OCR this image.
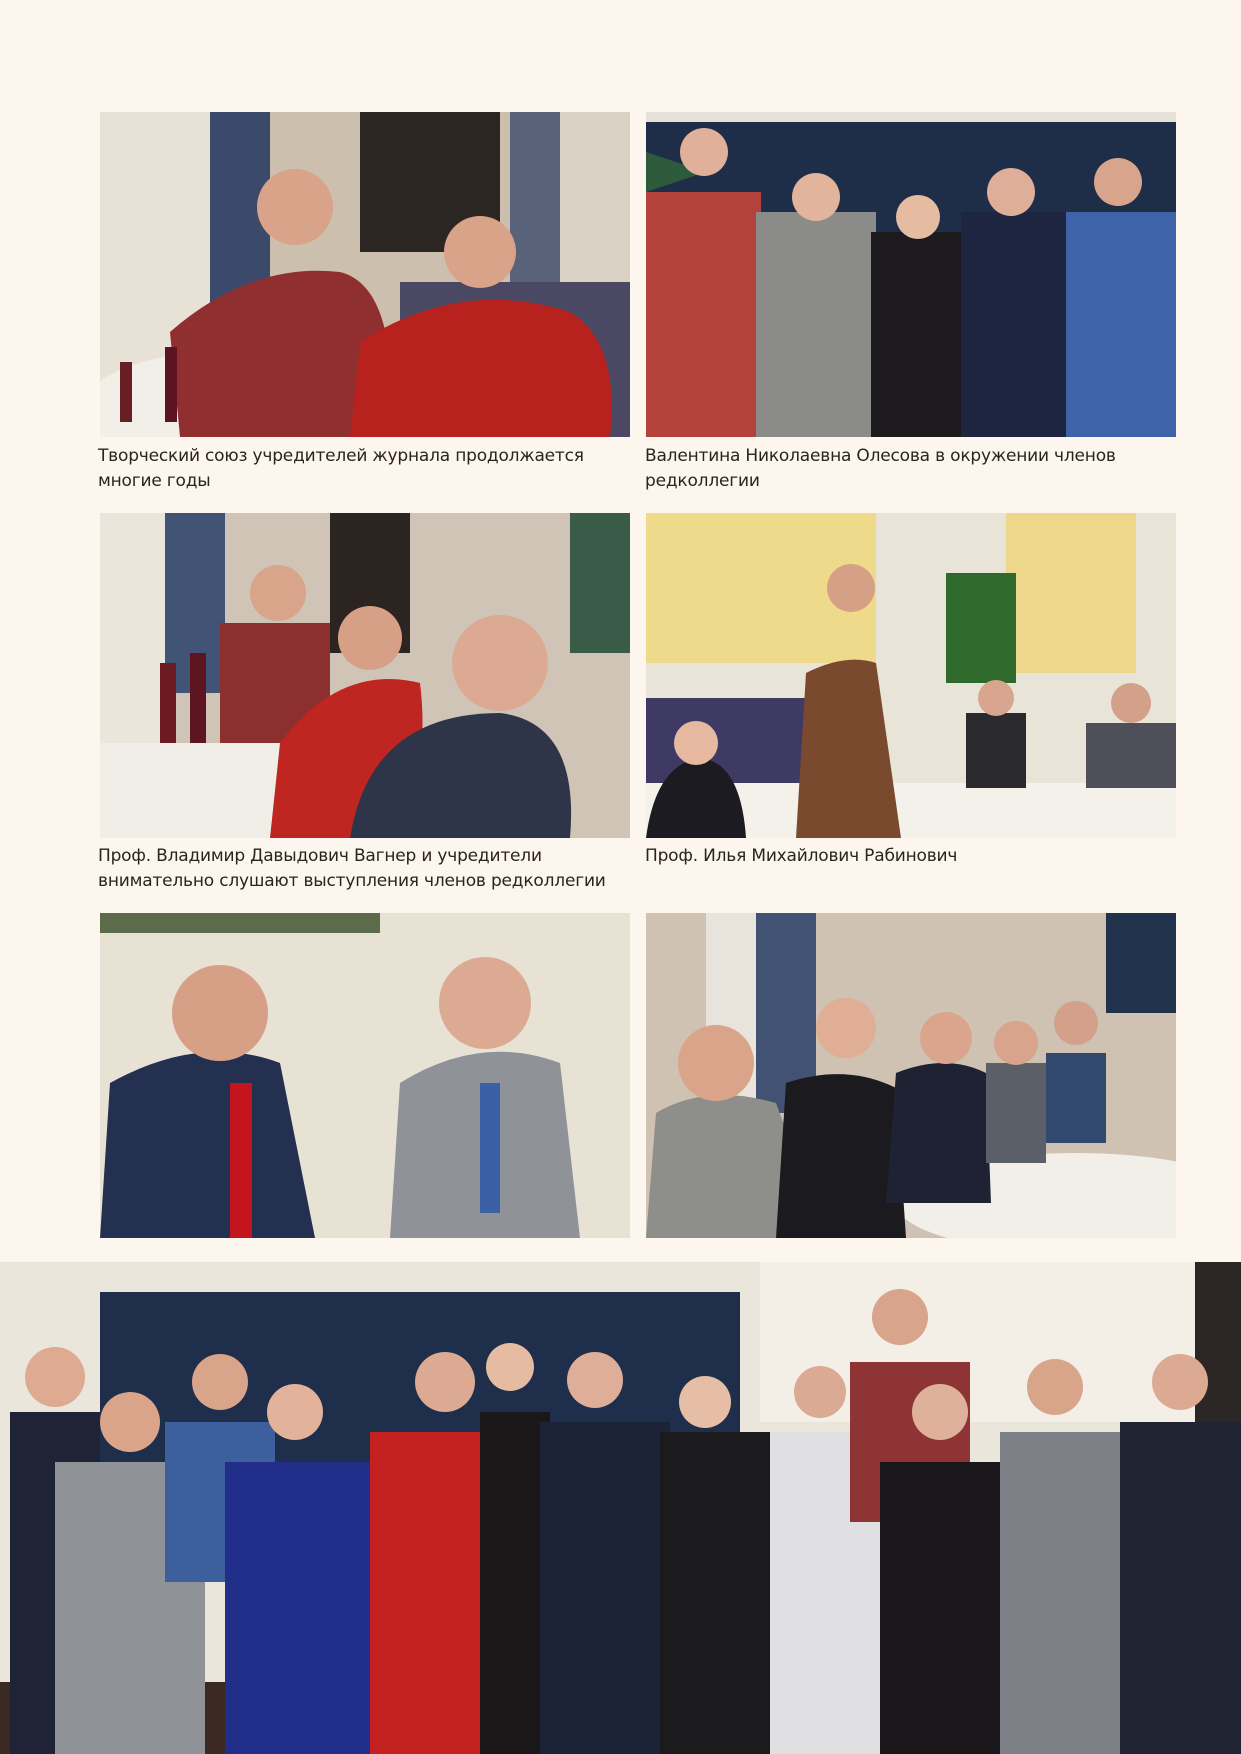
Творческий союз учредителей журнала продолжается
многие годы
Валентина Николаевна Олесова в окружении членов
редколлегии
Проф. Владимир Давыдович Вагнер и учредители
внимательно слушают выступления членов редколлегии
Проф. Илья Михайлович Рабинович
